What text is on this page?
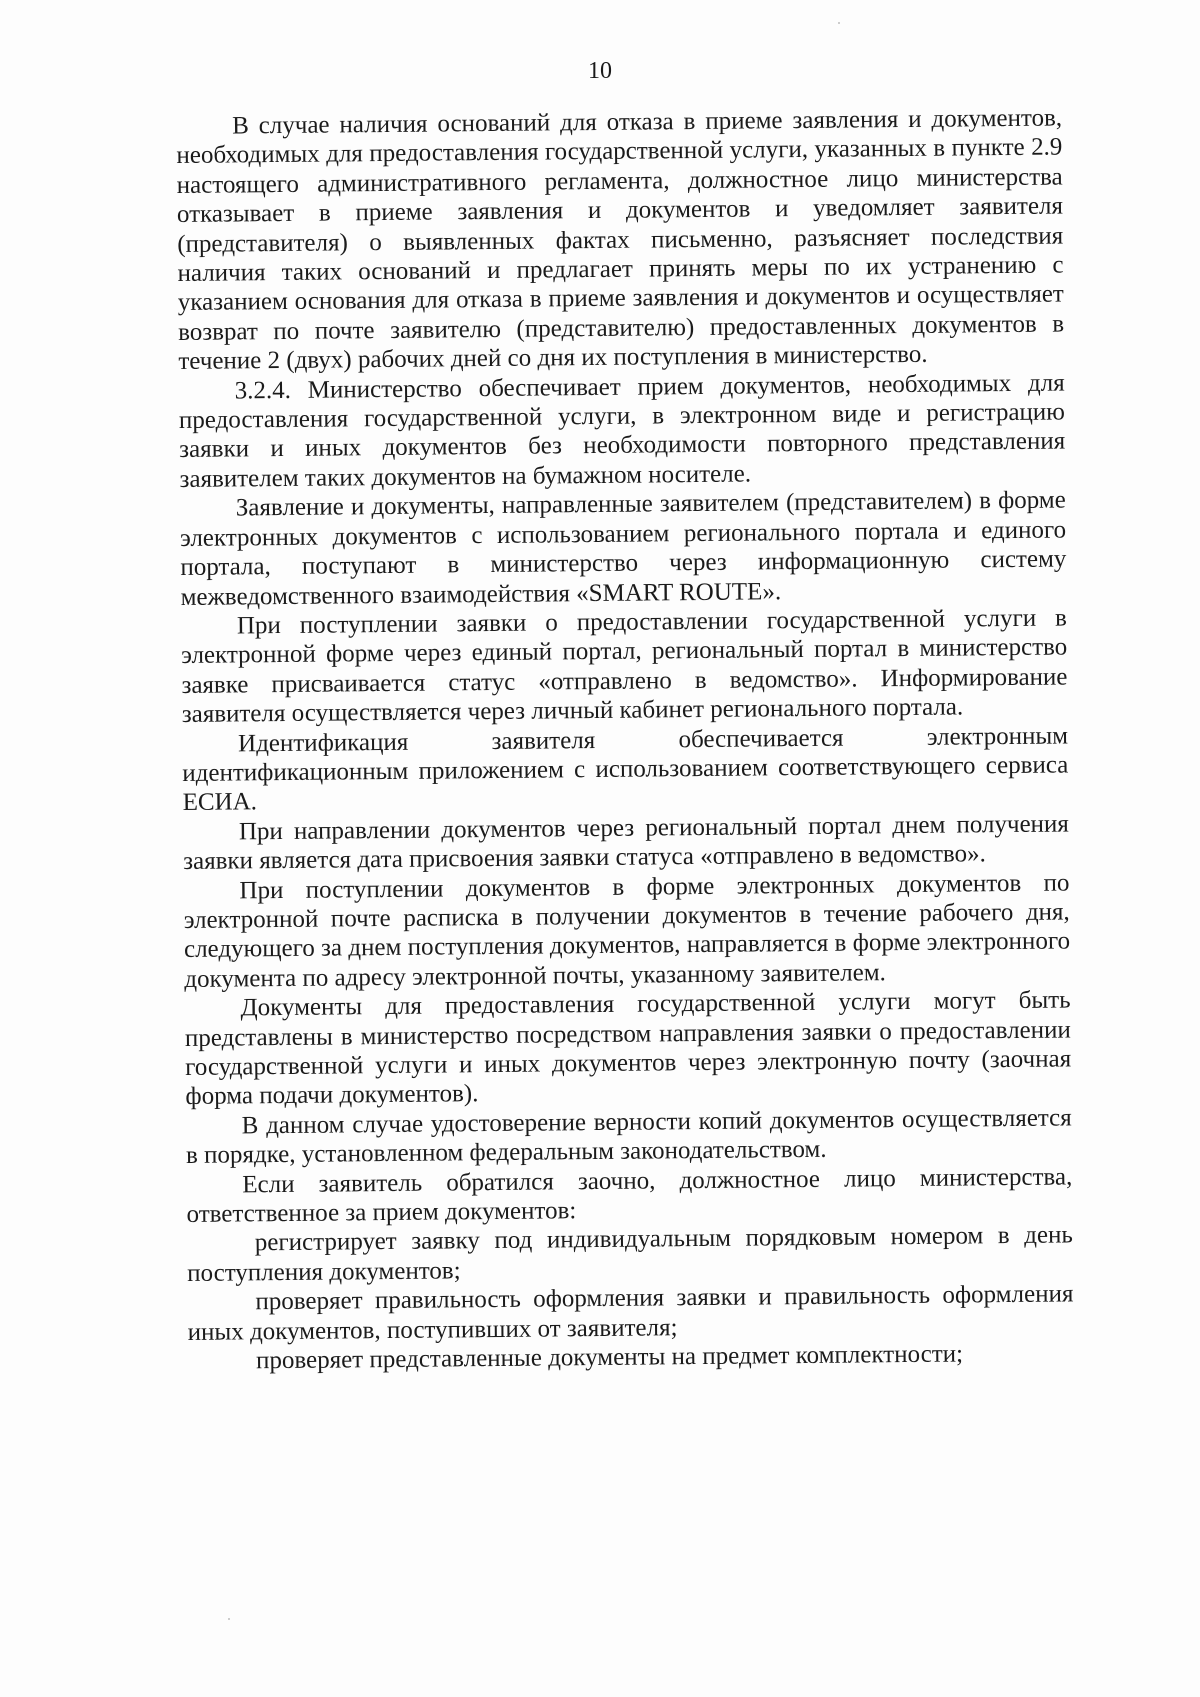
10

В случае наличия оснований для отказа в приеме заявления и документов, необходимых для предоставления государственной услуги, указанных в пункте 2.9 настоящего административного регламента, должностное лицо министерства отказывает в приеме заявления и документов и уведомляет заявителя (представителя) о выявленных фактах письменно, разъясняет последствия наличия таких оснований и предлагает принять меры по их устранению с указанием основания для отказа в приеме заявления и документов и осуществляет возврат по почте заявителю (представителю) предоставленных документов в течение 2 (двух) рабочих дней со дня их поступления в министерство.

3.2.4. Министерство обеспечивает прием документов, необходимых для предоставления государственной услуги, в электронном виде и регистрацию заявки и иных документов без необходимости повторного представления заявителем таких документов на бумажном носителе.

Заявление и документы, направленные заявителем (представителем) в форме электронных документов с использованием регионального портала и единого портала, поступают в министерство через информационную систему межведомственного взаимодействия «SMART ROUTE».

При поступлении заявки о предоставлении государственной услуги в электронной форме через единый портал, региональный портал в министерство заявке присваивается статус «отправлено в ведомство». Информирование заявителя осуществляется через личный кабинет регионального портала.

Идентификация заявителя обеспечивается электронным идентификационным приложением с использованием соответствующего сервиса ЕСИА.

При направлении документов через региональный портал днем получения заявки является дата присвоения заявки статуса «отправлено в ведомство».

При поступлении документов в форме электронных документов по электронной почте расписка в получении документов в течение рабочего дня, следующего за днем поступления документов, направляется в форме электронного документа по адресу электронной почты, указанному заявителем.

Документы для предоставления государственной услуги могут быть представлены в министерство посредством направления заявки о предоставлении государственной услуги и иных документов через электронную почту (заочная форма подачи документов).

В данном случае удостоверение верности копий документов осуществляется в порядке, установленном федеральным законодательством.

Если заявитель обратился заочно, должностное лицо министерства, ответственное за прием документов:

регистрирует заявку под индивидуальным порядковым номером в день поступления документов;

проверяет правильность оформления заявки и правильность оформления иных документов, поступивших от заявителя;

проверяет представленные документы на предмет комплектности;
